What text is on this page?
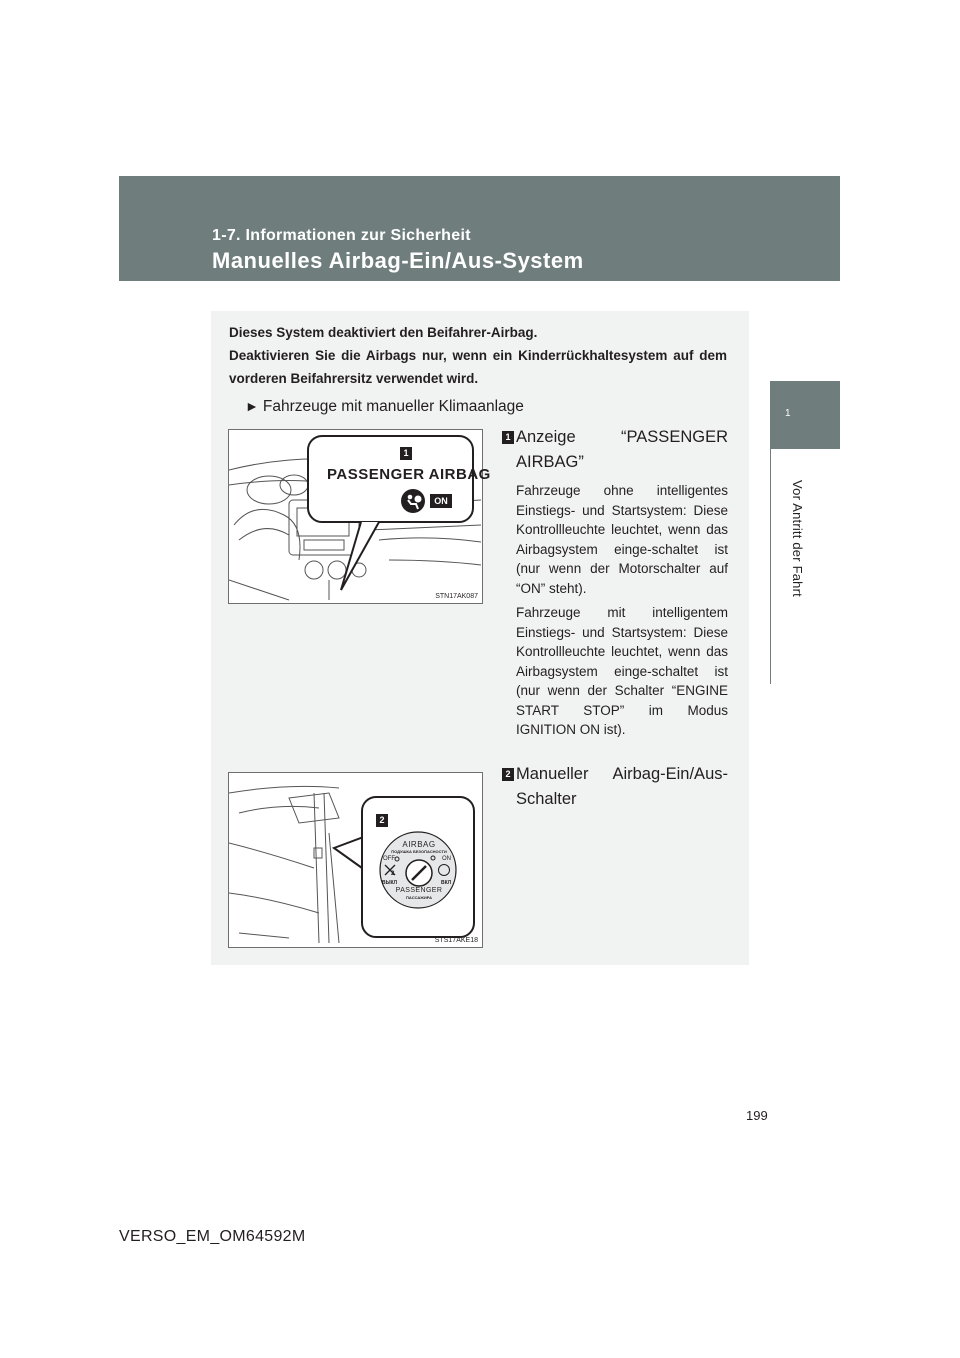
1-7. Informationen zur Sicherheit
Manuelles Airbag-Ein/Aus-System
1
Vor Antritt der Fahrt

Dieses System deaktiviert den Beifahrer-Airbag.

Deaktivieren Sie die Airbags nur, wenn ein Kinderrückhaltesystem auf dem vorderen Beifahrersitz verwendet wird.

► Fahrzeuge mit manueller Klimaanlage
1
PASSENGER AIRBAG
ON
STN17AK087
1 Anzeige “PASSENGER AIRBAG”
Fahrzeuge ohne intelligentes Einstiegs- und Startsystem: Diese Kontrollleuchte leuchtet, wenn das Airbagsystem einge-schaltet ist (nur wenn der Motorschalter auf “ON” steht).
Fahrzeuge mit intelligentem Einstiegs- und Startsystem: Diese Kontrollleuchte leuchtet, wenn das Airbagsystem einge-schaltet ist (nur wenn der Schalter “ENGINE START STOP” im Modus IGNITION ON ist).
2
AIRBAG
ПОДУШКА БЕЗОПАСНОСТИ
OFF	ON
2
ВЫКЛ	ВКЛ
PASSENGER
ПАССАЖИРА
STS17AKE18
2 Manueller Airbag-Ein/Aus-Schalter
199
VERSO_EM_OM64592M
